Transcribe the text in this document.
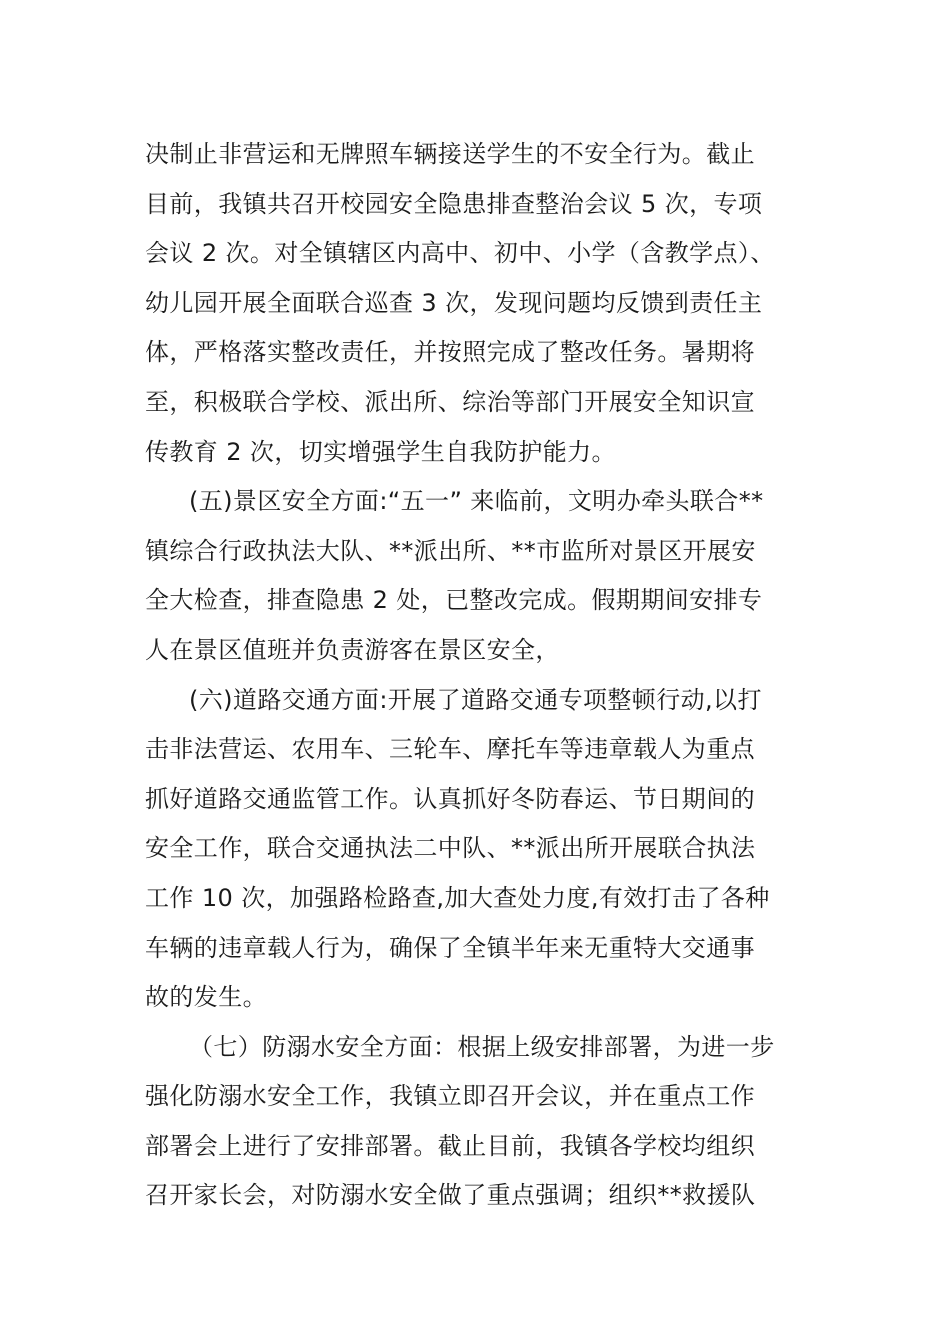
决制止非营运和无牌照车辆接送学生的不安全行为。截止
目前，我镇共召开校园安全隐患排查整治会议 5 次，专项
会议 2 次。对全镇辖区内高中、初中、小学（含教学点）、
幼儿园开展全面联合巡查 3 次，发现问题均反馈到责任主
体，严格落实整改责任，并按照完成了整改任务。暑期将
至，积极联合学校、派出所、综治等部门开展安全知识宣
传教育 2 次，切实增强学生自我防护能力。
(五)景区安全方面:“五一” 来临前，文明办牵头联合**
镇综合行政执法大队、**派出所、**市监所对景区开展安
全大检查，排查隐患 2 处，已整改完成。假期期间安排专
人在景区值班并负责游客在景区安全，
(六)道路交通方面:开展了道路交通专项整顿行动,以打
击非法营运、农用车、三轮车、摩托车等违章载人为重点
抓好道路交通监管工作。认真抓好冬防春运、节日期间的
安全工作，联合交通执法二中队、**派出所开展联合执法
工作 10 次，加强路检路查,加大查处力度,有效打击了各种
车辆的违章载人行为，确保了全镇半年来无重特大交通事
故的发生。
（七）防溺水安全方面：根据上级安排部署，为进一步
强化防溺水安全工作，我镇立即召开会议，并在重点工作
部署会上进行了安排部署。截止目前，我镇各学校均组织
召开家长会，对防溺水安全做了重点强调；组织**救援队
